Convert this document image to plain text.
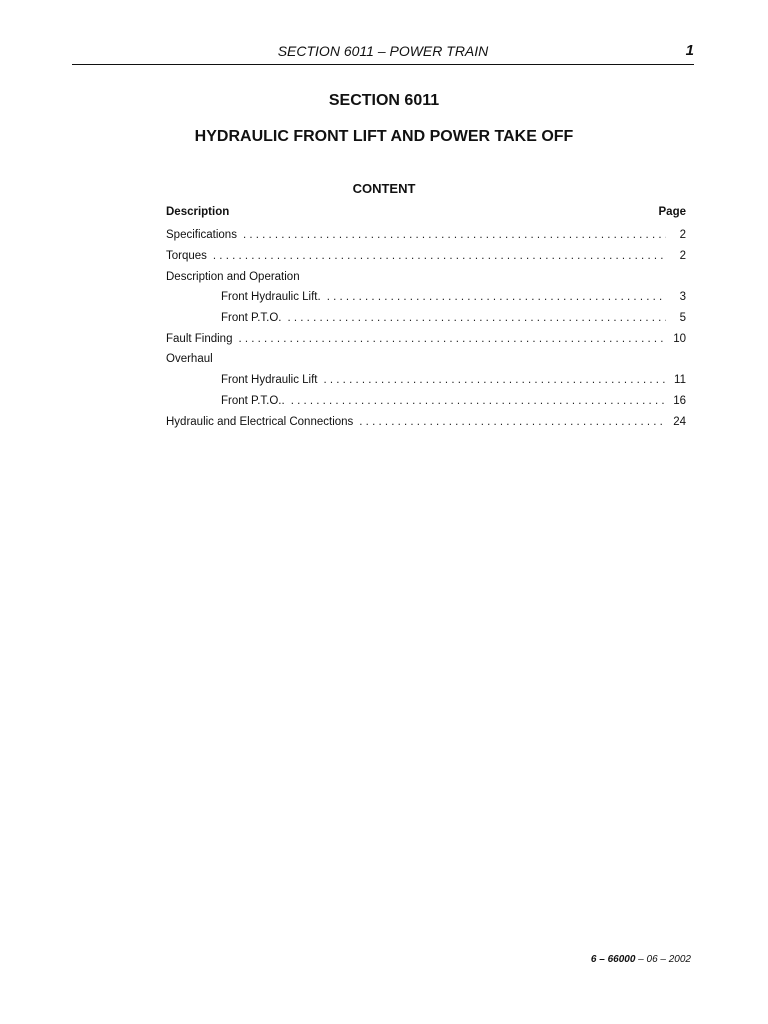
SECTION 6011 – POWER TRAIN	1
SECTION 6011
HYDRAULIC FRONT LIFT AND POWER TAKE OFF
CONTENT
Description	Page
Specifications . . .	2
Torques . . .	2
Description and Operation
Front Hydraulic Lift. . . .	3
Front P.T.O. . . .	5
Fault Finding . . .	10
Overhaul
Front Hydraulic Lift . . .	11
Front P.T.O.. . . .	16
Hydraulic and Electrical Connections . . .	24
6 – 66000 – 06 – 2002
